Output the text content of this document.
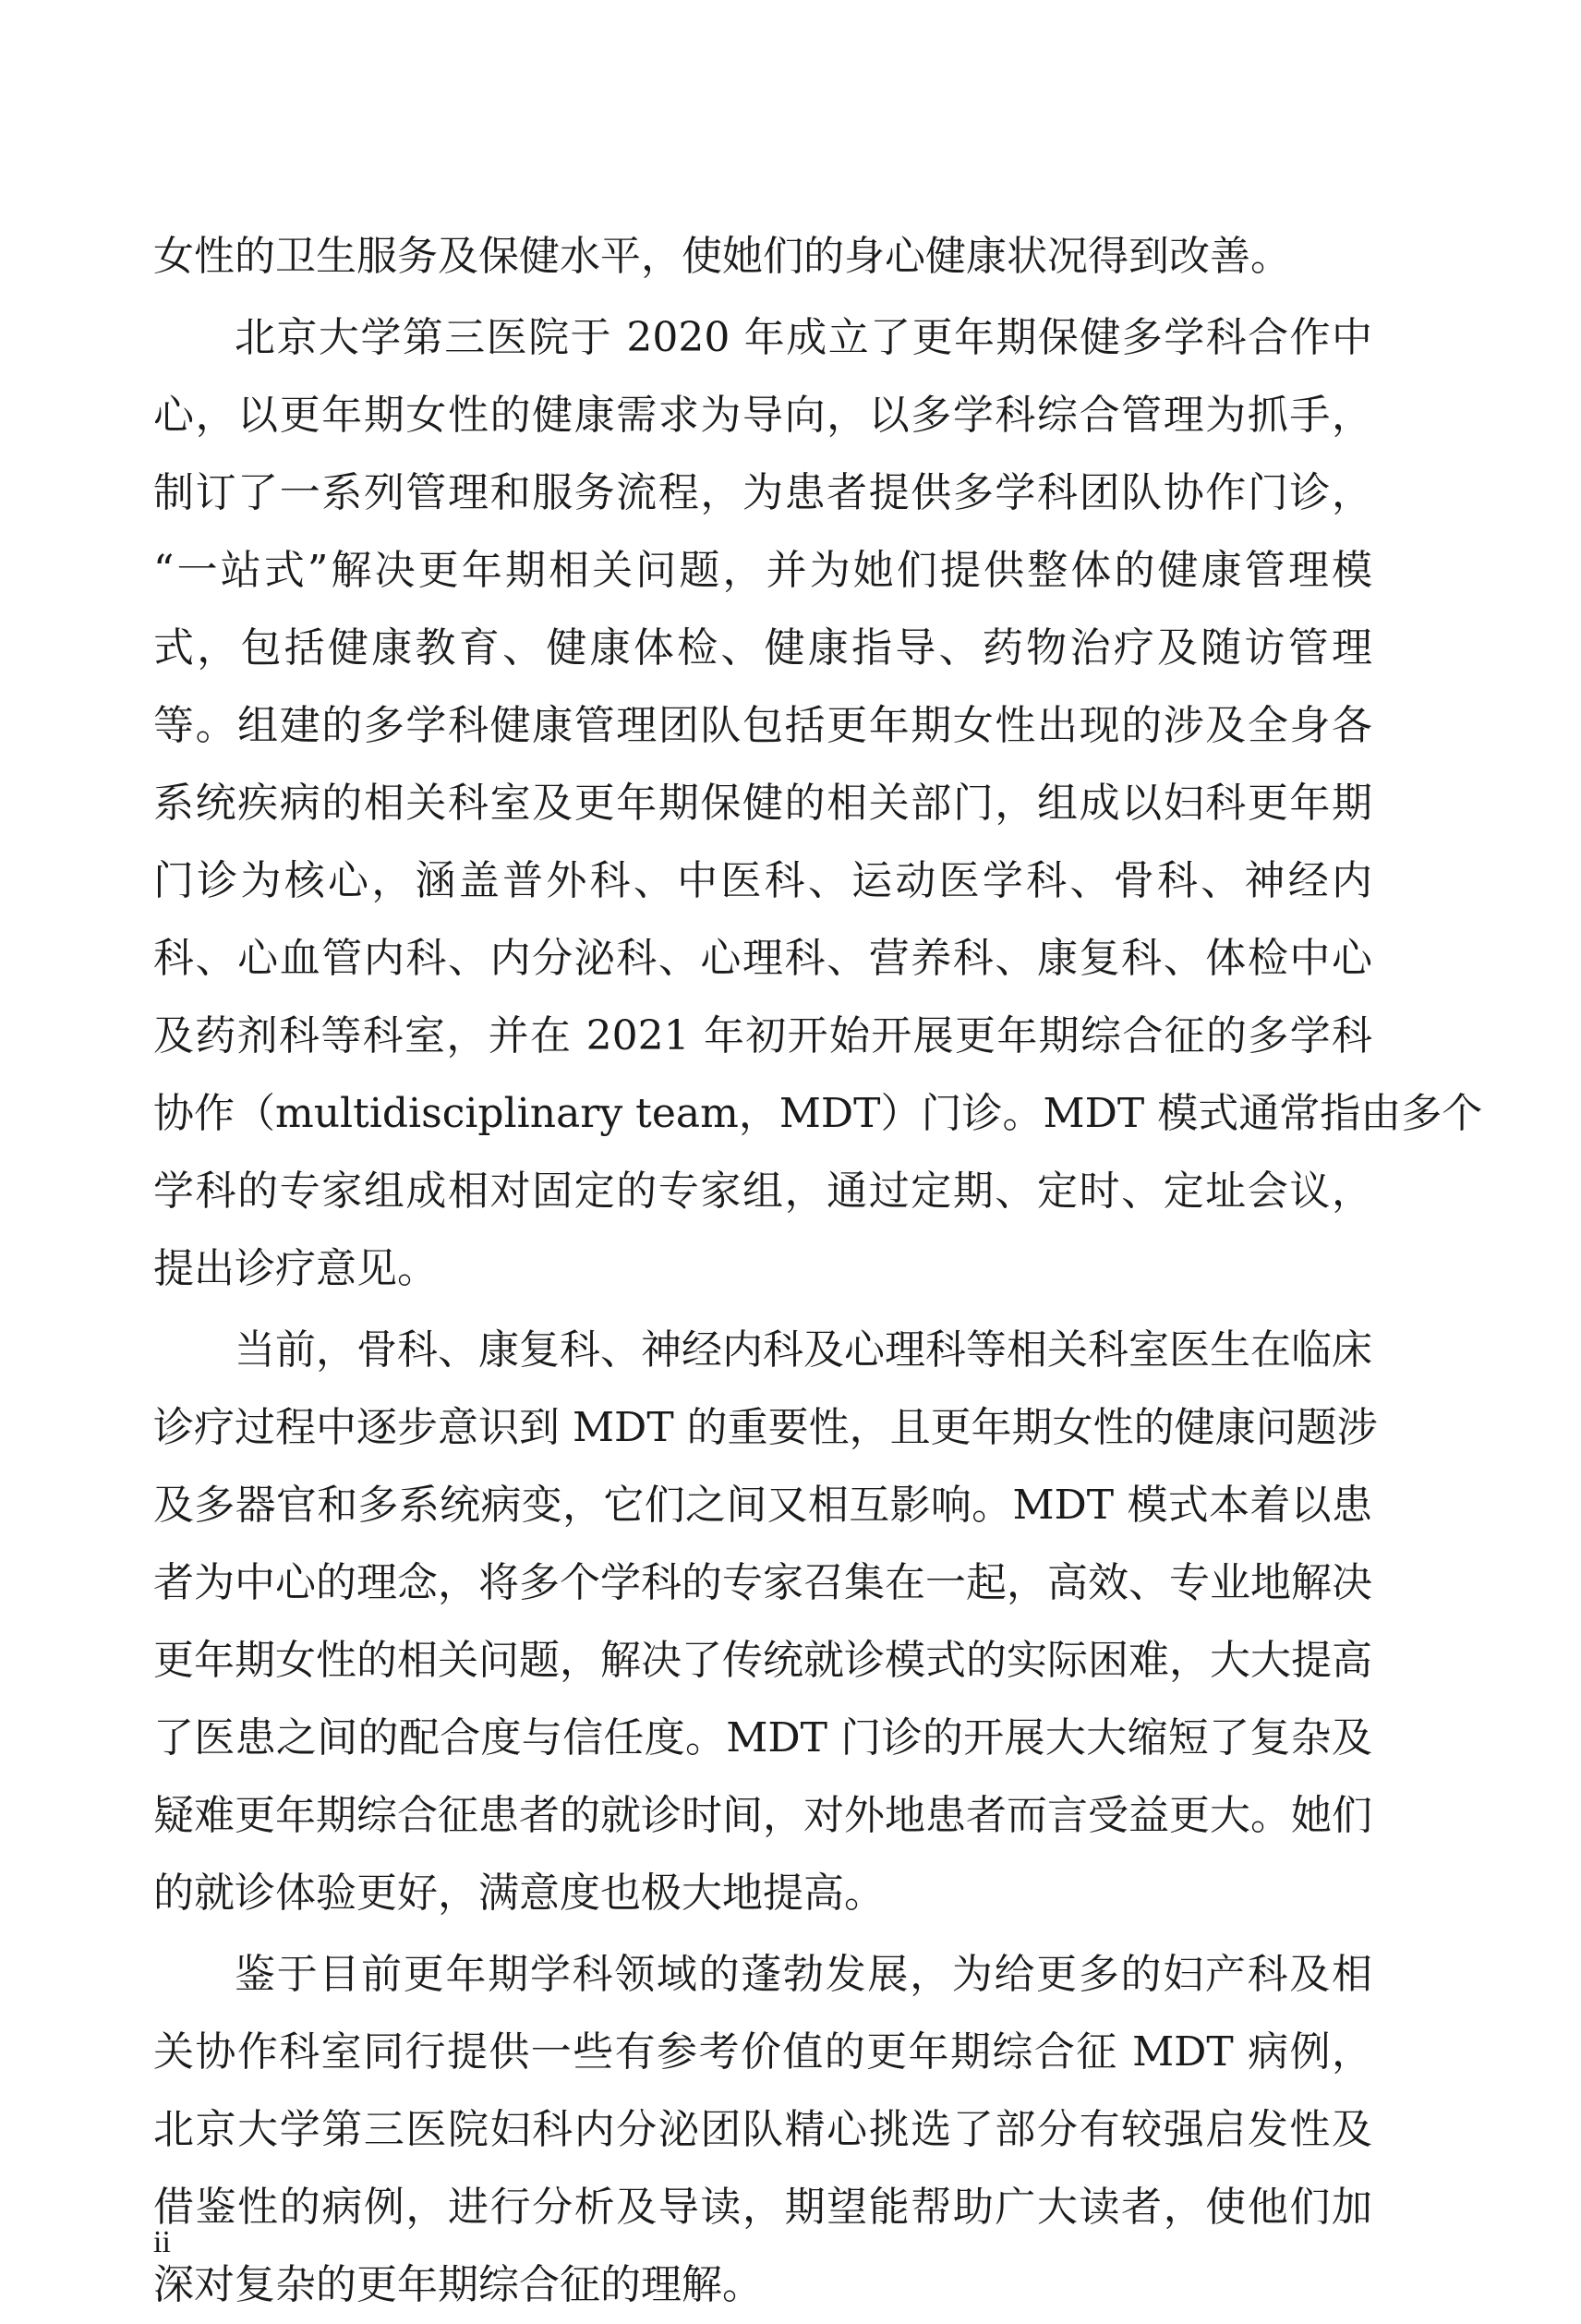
女性的卫生服务及保健水平，使她们的身心健康状况得到改善。
北京大学第三医院于 2020 年成立了更年期保健多学科合作中
心，以更年期女性的健康需求为导向，以多学科综合管理为抓手，
制订了一系列管理和服务流程，为患者提供多学科团队协作门诊，
“一站式”解决更年期相关问题，并为她们提供整体的健康管理模
式，包括健康教育、健康体检、健康指导、药物治疗及随访管理
等。组建的多学科健康管理团队包括更年期女性出现的涉及全身各
系统疾病的相关科室及更年期保健的相关部门，组成以妇科更年期
门诊为核心，涵盖普外科、中医科、运动医学科、骨科、神经内
科、心血管内科、内分泌科、心理科、营养科、康复科、体检中心
及药剂科等科室，并在 2021 年初开始开展更年期综合征的多学科
协作（multidisciplinary team，MDT）门诊。MDT 模式通常指由多个
学科的专家组成相对固定的专家组，通过定期、定时、定址会议，
提出诊疗意见。
当前，骨科、康复科、神经内科及心理科等相关科室医生在临床
诊疗过程中逐步意识到 MDT 的重要性，且更年期女性的健康问题涉
及多器官和多系统病变，它们之间又相互影响。MDT 模式本着以患
者为中心的理念，将多个学科的专家召集在一起，高效、专业地解决
更年期女性的相关问题，解决了传统就诊模式的实际困难，大大提高
了医患之间的配合度与信任度。MDT 门诊的开展大大缩短了复杂及
疑难更年期综合征患者的就诊时间，对外地患者而言受益更大。她们
的就诊体验更好，满意度也极大地提高。
鉴于目前更年期学科领域的蓬勃发展，为给更多的妇产科及相
关协作科室同行提供一些有参考价值的更年期综合征 MDT 病例，
北京大学第三医院妇科内分泌团队精心挑选了部分有较强启发性及
借鉴性的病例，进行分析及导读，期望能帮助广大读者，使他们加
深对复杂的更年期综合征的理解。
ii
